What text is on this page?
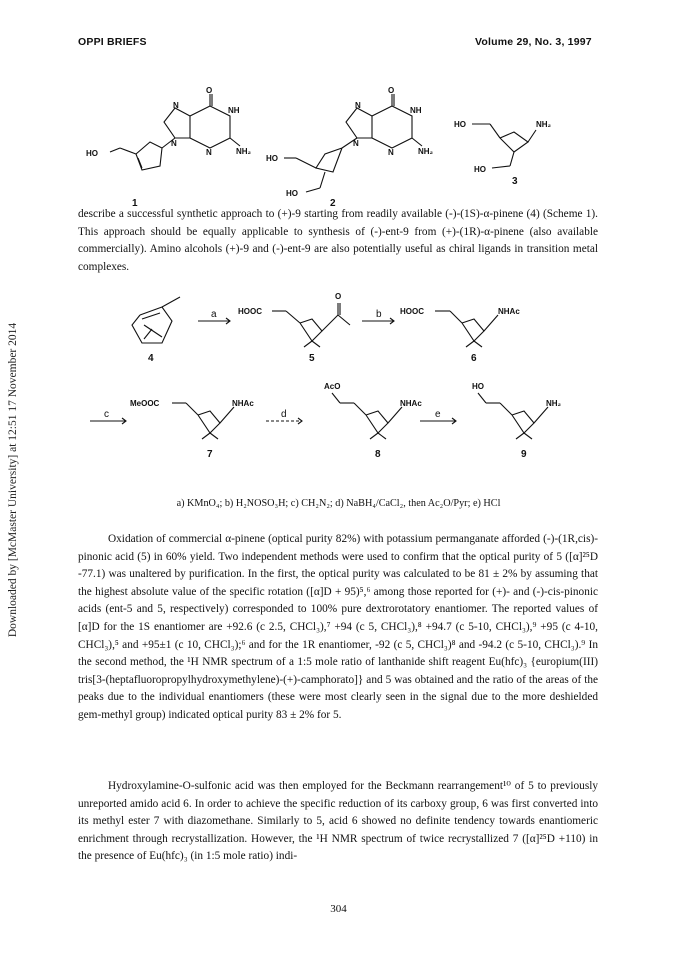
OPPI BRIEFS	Volume 29, No. 3, 1997
Downloaded by [McMaster University] at 12:51 17 November 2014
O
NH
N
N
N
NH₂
HO
O
NH
N
N
N
NH₂
HO
HO
HO	NH₂
HO
1	2
3

describe a successful synthetic approach to (+)-9 starting from readily available (-)-(1S)-α-pinene (4) (Scheme 1). This approach should be equally applicable to synthesis of (-)-ent-9 from (+)-(1R)-α-pinene (also available commercially). Amino alcohols (+)-9 and (-)-ent-9 are also potentially useful as chiral ligands in transition metal complexes.

HOOC
O
HOOC	NHAc
MeOOC	NHAc
AcO
NHAc
HO
NH₂
a	b
c	d	e
4	5	6
7	8	9
a) KMnO₄; b) H₂NOSO₃H; c) CH₂N₂; d) NaBH₄/CaCl₂, then Ac₂O/Pyr; e) HCl

Oxidation of commercial α-pinene (optical purity 82%) with potassium permanganate afforded (-)-(1R,cis)-pinonic acid (5) in 60% yield. Two independent methods were used to confirm that the optical purity of 5 ([α]²⁵D -77.1) was unaltered by purification. In the first, the optical purity was calculated to be 81 ± 2% by assuming that the highest absolute value of the specific rotation ([α]D + 95)⁵,⁶ among those reported for (+)- and (-)-cis-pinonic acids (ent-5 and 5, respectively) corresponded to 100% pure dextrorotatory enantiomer. The reported values of [α]D for the 1S enantiomer are +92.6 (c 2.5, CHCl₃),⁷ +94 (c 5, CHCl₃),⁸ +94.7 (c 5-10, CHCl₃),⁹ +95 (c 4-10, CHCl₃),⁵ and +95±1 (c 10, CHCl₃);⁶ and for the 1R enantiomer, -92 (c 5, CHCl₃)⁸ and -94.2 (c 5-10, CHCl₃).⁹ In the second method, the ¹H NMR spectrum of a 1:5 mole ratio of lanthanide shift reagent Eu(hfc)₃ {europium(III) tris[3-(heptafluoropropylhydroxymethylene)-(+)-camphorato]} and 5 was obtained and the ratio of the areas of the peaks due to the individual enantiomers (these were most clearly seen in the signal due to the more deshielded gem-methyl group) indicated optical purity 83 ± 2% for 5.

Hydroxylamine-O-sulfonic acid was then employed for the Beckmann rearrangement¹⁰ of 5 to previously unreported amido acid 6. In order to achieve the specific reduction of its carboxy group, 6 was first converted into its methyl ester 7 with diazomethane. Similarly to 5, acid 6 showed no definite tendency towards enantiomeric enrichment through recrystallization. However, the ¹H NMR spectrum of twice recrystallized 7 ([α]²⁵D +110) in the presence of Eu(hfc)₃ (in 1:5 mole ratio) indi-

304
